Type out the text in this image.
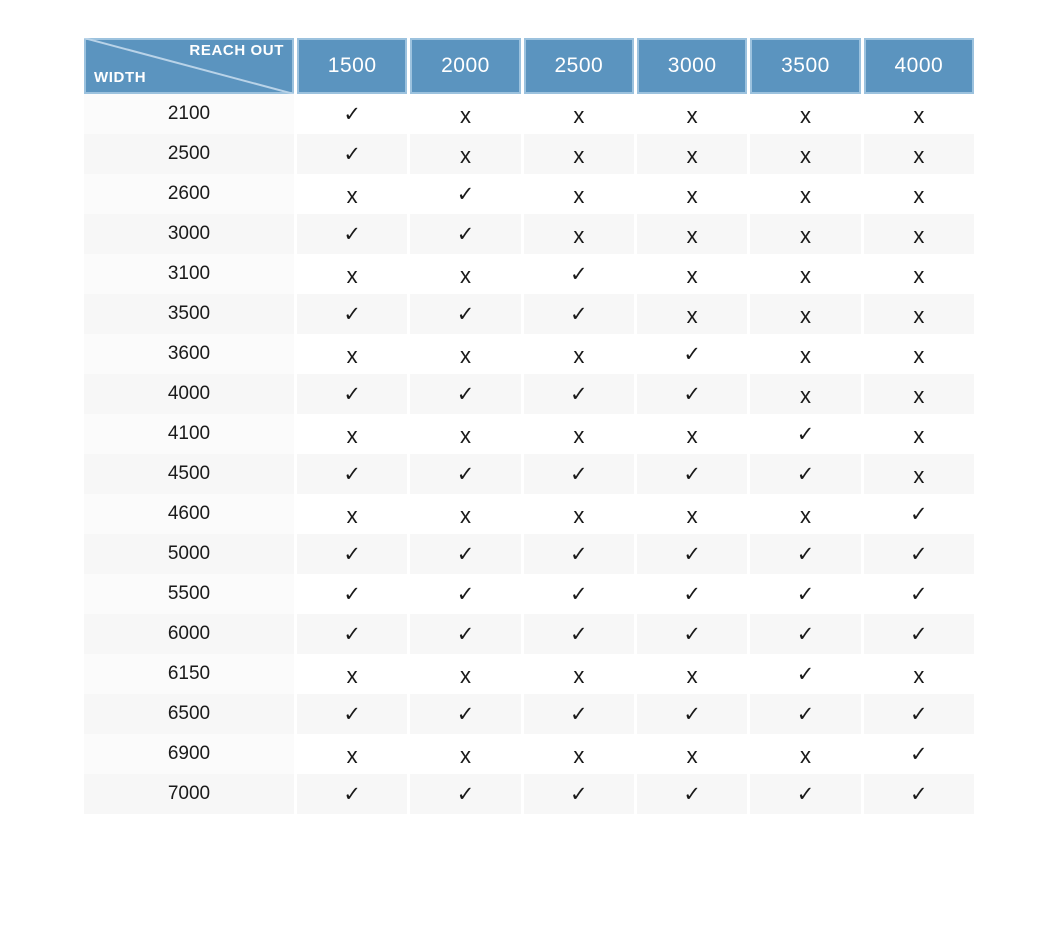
REACH OUT
WIDTH
1500	2000	2500	3000	3500	4000
2100	✓	x	x	x	x	x
2500	✓	x	x	x	x	x
2600	x	✓	x	x	x	x
3000	✓	✓	x	x	x	x
3100	x	x	✓	x	x	x
3500	✓	✓	✓	x	x	x
3600	x	x	x	✓	x	x
4000	✓	✓	✓	✓	x	x
4100	x	x	x	x	✓	x
4500	✓	✓	✓	✓	✓	x
4600	x	x	x	x	x	✓
5000	✓	✓	✓	✓	✓	✓
5500	✓	✓	✓	✓	✓	✓
6000	✓	✓	✓	✓	✓	✓
6150	x	x	x	x	✓	x
6500	✓	✓	✓	✓	✓	✓
6900	x	x	x	x	x	✓
7000	✓	✓	✓	✓	✓	✓
